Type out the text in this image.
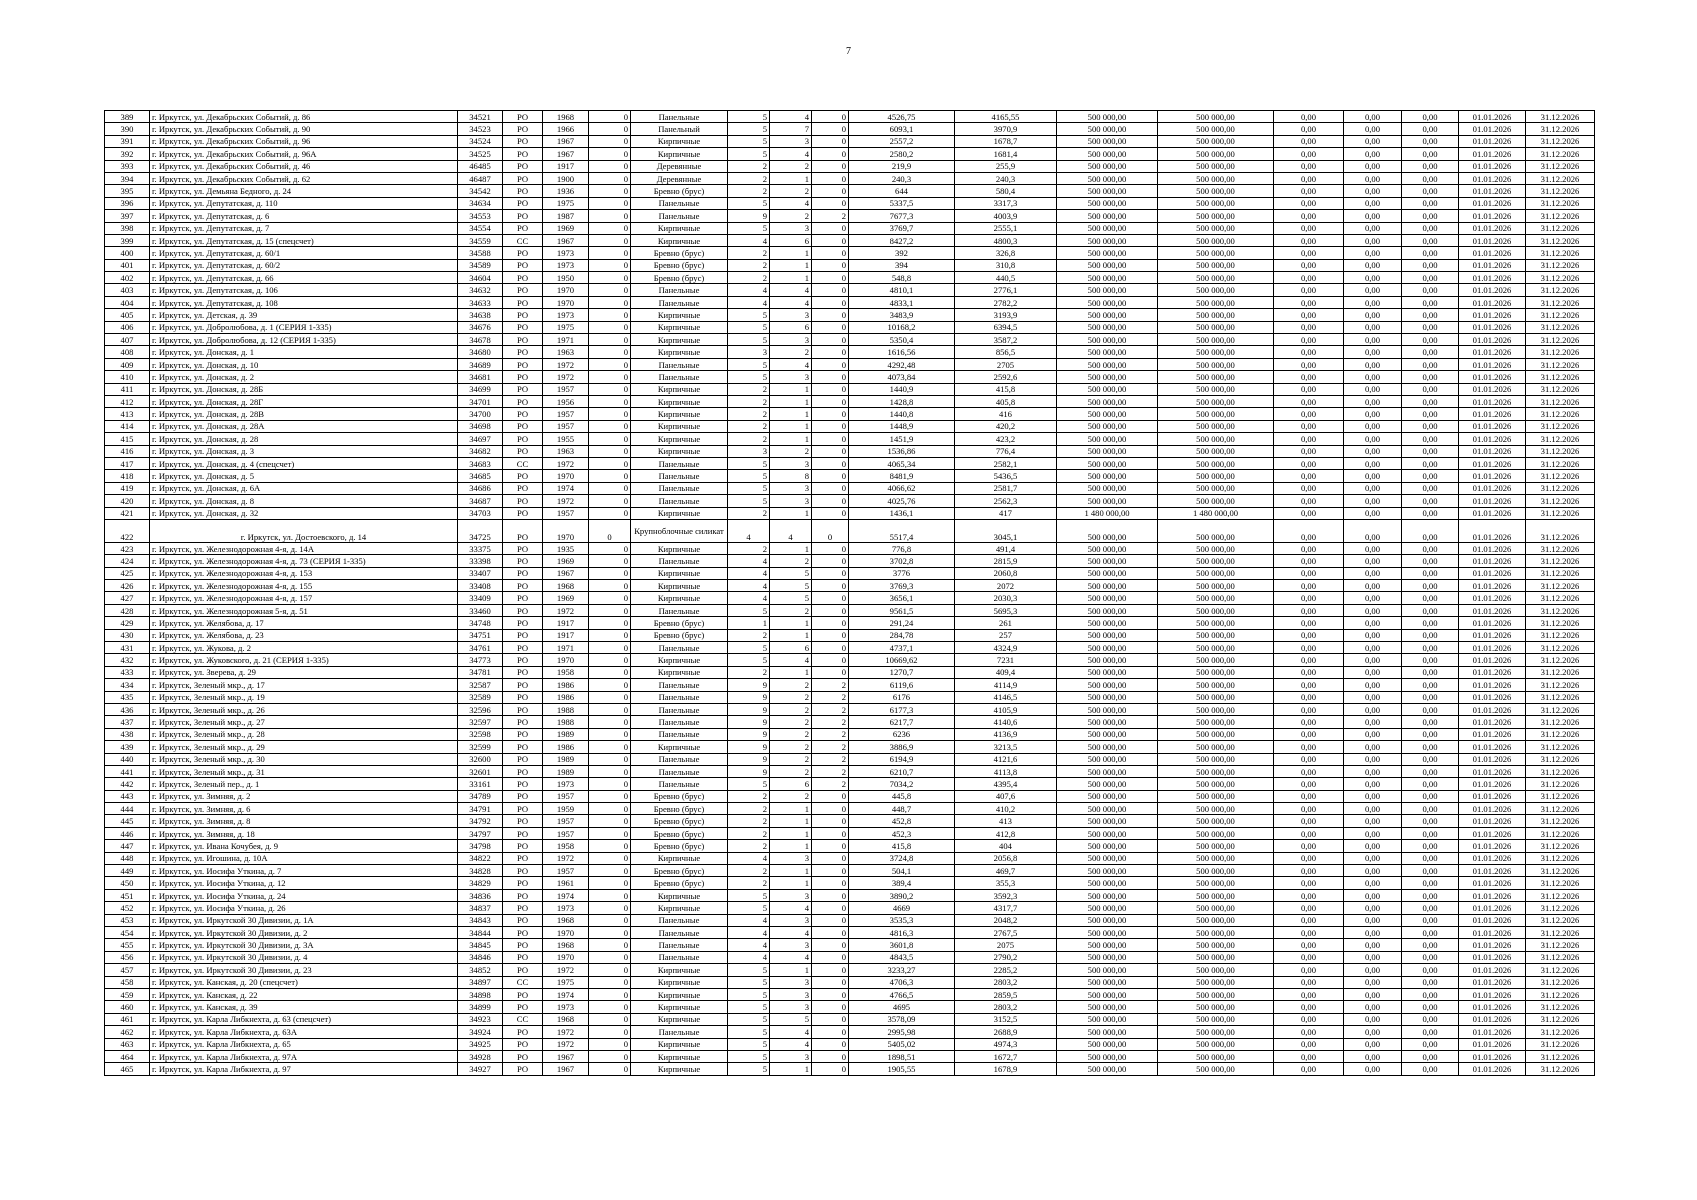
7
389	г. Иркутск, ул. Декабрьских Событий, д. 86	34521	РО	1968	0	Панельные	5	4	0	4526,75	4165,55	500 000,00	500 000,00	0,00	0,00	0,00	01.01.2026	31.12.2026
390	г. Иркутск, ул. Декабрьских Событий, д. 90	34523	РО	1966	0	Панельный	5	7	0	6093,1	3970,9	500 000,00	500 000,00	0,00	0,00	0,00	01.01.2026	31.12.2026
391	г. Иркутск, ул. Декабрьских Событий, д. 96	34524	РО	1967	0	Кирпичные	5	3	0	2557,2	1678,7	500 000,00	500 000,00	0,00	0,00	0,00	01.01.2026	31.12.2026
392	г. Иркутск, ул. Декабрьских Событий, д. 96А	34525	РО	1967	0	Кирпичные	5	4	0	2580,2	1681,4	500 000,00	500 000,00	0,00	0,00	0,00	01.01.2026	31.12.2026
393	г. Иркутск, ул. Декабрьских Событий, д. 46	46485	РО	1917	0	Деревянные	2	2	0	219,9	255,9	500 000,00	500 000,00	0,00	0,00	0,00	01.01.2026	31.12.2026
394	г. Иркутск, ул. Декабрьских Событий, д. 62	46487	РО	1900	0	Деревянные	2	1	0	240,3	240,3	500 000,00	500 000,00	0,00	0,00	0,00	01.01.2026	31.12.2026
395	г. Иркутск, ул. Демьяна Бедного, д. 24	34542	РО	1936	0	Бревно (брус)	2	2	0	644	580,4	500 000,00	500 000,00	0,00	0,00	0,00	01.01.2026	31.12.2026
396	г. Иркутск, ул. Депутатская, д. 110	34634	РО	1975	0	Панельные	5	4	0	5337,5	3317,3	500 000,00	500 000,00	0,00	0,00	0,00	01.01.2026	31.12.2026
397	г. Иркутск, ул. Депутатская, д. 6	34553	РО	1987	0	Панельные	9	2	2	7677,3	4003,9	500 000,00	500 000,00	0,00	0,00	0,00	01.01.2026	31.12.2026
398	г. Иркутск, ул. Депутатская, д. 7	34554	РО	1969	0	Кирпичные	5	3	0	3769,7	2555,1	500 000,00	500 000,00	0,00	0,00	0,00	01.01.2026	31.12.2026
399	г. Иркутск, ул. Депутатская, д. 15 (спецсчет)	34559	СС	1967	0	Кирпичные	4	6	0	8427,2	4800,3	500 000,00	500 000,00	0,00	0,00	0,00	01.01.2026	31.12.2026
400	г. Иркутск, ул. Депутатская, д. 60/1	34588	РО	1973	0	Бревно (брус)	2	1	0	392	326,8	500 000,00	500 000,00	0,00	0,00	0,00	01.01.2026	31.12.2026
401	г. Иркутск, ул. Депутатская, д. 60/2	34589	РО	1973	0	Бревно (брус)	2	1	0	394	310,8	500 000,00	500 000,00	0,00	0,00	0,00	01.01.2026	31.12.2026
402	г. Иркутск, ул. Депутатская, д. 66	34604	РО	1950	0	Бревно (брус)	2	1	0	548,8	440,5	500 000,00	500 000,00	0,00	0,00	0,00	01.01.2026	31.12.2026
403	г. Иркутск, ул. Депутатская, д. 106	34632	РО	1970	0	Панельные	4	4	0	4810,1	2776,1	500 000,00	500 000,00	0,00	0,00	0,00	01.01.2026	31.12.2026
404	г. Иркутск, ул. Депутатская, д. 108	34633	РО	1970	0	Панельные	4	4	0	4833,1	2782,2	500 000,00	500 000,00	0,00	0,00	0,00	01.01.2026	31.12.2026
405	г. Иркутск, ул. Детская, д. 39	34638	РО	1973	0	Кирпичные	5	3	0	3483,9	3193,9	500 000,00	500 000,00	0,00	0,00	0,00	01.01.2026	31.12.2026
406	г. Иркутск, ул. Добролюбова, д. 1 (СЕРИЯ 1-335)	34676	РО	1975	0	Кирпичные	5	6	0	10168,2	6394,5	500 000,00	500 000,00	0,00	0,00	0,00	01.01.2026	31.12.2026
407	г. Иркутск, ул. Добролюбова, д. 12 (СЕРИЯ 1-335)	34678	РО	1971	0	Кирпичные	5	3	0	5350,4	3587,2	500 000,00	500 000,00	0,00	0,00	0,00	01.01.2026	31.12.2026
408	г. Иркутск, ул. Донская, д. 1	34680	РО	1963	0	Кирпичные	3	2	0	1616,56	856,5	500 000,00	500 000,00	0,00	0,00	0,00	01.01.2026	31.12.2026
409	г. Иркутск, ул. Донская, д. 10	34689	РО	1972	0	Панельные	5	4	0	4292,48	2705	500 000,00	500 000,00	0,00	0,00	0,00	01.01.2026	31.12.2026
410	г. Иркутск, ул. Донская, д. 2	34681	РО	1972	0	Панельные	5	3	0	4073,84	2592,6	500 000,00	500 000,00	0,00	0,00	0,00	01.01.2026	31.12.2026
411	г. Иркутск, ул. Донская, д. 28Б	34699	РО	1957	0	Кирпичные	2	1	0	1440,9	415,8	500 000,00	500 000,00	0,00	0,00	0,00	01.01.2026	31.12.2026
412	г. Иркутск, ул. Донская, д. 28Г	34701	РО	1956	0	Кирпичные	2	1	0	1428,8	405,8	500 000,00	500 000,00	0,00	0,00	0,00	01.01.2026	31.12.2026
413	г. Иркутск, ул. Донская, д. 28В	34700	РО	1957	0	Кирпичные	2	1	0	1440,8	416	500 000,00	500 000,00	0,00	0,00	0,00	01.01.2026	31.12.2026
414	г. Иркутск, ул. Донская, д. 28А	34698	РО	1957	0	Кирпичные	2	1	0	1448,9	420,2	500 000,00	500 000,00	0,00	0,00	0,00	01.01.2026	31.12.2026
415	г. Иркутск, ул. Донская, д. 28	34697	РО	1955	0	Кирпичные	2	1	0	1451,9	423,2	500 000,00	500 000,00	0,00	0,00	0,00	01.01.2026	31.12.2026
416	г. Иркутск, ул. Донская, д. 3	34682	РО	1963	0	Кирпичные	3	2	0	1536,86	776,4	500 000,00	500 000,00	0,00	0,00	0,00	01.01.2026	31.12.2026
417	г. Иркутск, ул. Донская, д. 4 (спецсчет)	34683	СС	1972	0	Панельные	5	3	0	4065,34	2582,1	500 000,00	500 000,00	0,00	0,00	0,00	01.01.2026	31.12.2026
418	г. Иркутск, ул. Донская, д. 5	34685	РО	1970	0	Панельные	5	8	0	8481,9	5436,5	500 000,00	500 000,00	0,00	0,00	0,00	01.01.2026	31.12.2026
419	г. Иркутск, ул. Донская, д. 6А	34686	РО	1974	0	Панельные	5	3	0	4066,62	2581,7	500 000,00	500 000,00	0,00	0,00	0,00	01.01.2026	31.12.2026
420	г. Иркутск, ул. Донская, д. 8	34687	РО	1972	0	Панельные	5	3	0	4025,76	2562,3	500 000,00	500 000,00	0,00	0,00	0,00	01.01.2026	31.12.2026
421	г. Иркутск, ул. Донская, д. 32	34703	РО	1957	0	Кирпичные	2	1	0	1436,1	417	1 480 000,00	1 480 000,00	0,00	0,00	0,00	01.01.2026	31.12.2026
422	г. Иркутск, ул. Достоевского, д. 14	34725	РО	1970	0	Крупноблочные силикат	4	4	0	5517,4	3045,1	500 000,00	500 000,00	0,00	0,00	0,00	01.01.2026	31.12.2026
423	г. Иркутск, ул. Железнодорожная 4-я, д. 14А	33375	РО	1935	0	Кирпичные	2	1	0	776,8	491,4	500 000,00	500 000,00	0,00	0,00	0,00	01.01.2026	31.12.2026
424	г. Иркутск, ул. Железнодорожная 4-я, д. 73 (СЕРИЯ 1-335)	33398	РО	1969	0	Панельные	4	2	0	3702,8	2815,9	500 000,00	500 000,00	0,00	0,00	0,00	01.01.2026	31.12.2026
425	г. Иркутск, ул. Железнодорожная 4-я, д. 153	33407	РО	1967	0	Кирпичные	4	5	0	3776	2060,8	500 000,00	500 000,00	0,00	0,00	0,00	01.01.2026	31.12.2026
426	г. Иркутск, ул. Железнодорожная 4-я, д. 155	33408	РО	1968	0	Кирпичные	4	5	0	3769,3	2072	500 000,00	500 000,00	0,00	0,00	0,00	01.01.2026	31.12.2026
427	г. Иркутск, ул. Железнодорожная 4-я, д. 157	33409	РО	1969	0	Кирпичные	4	5	0	3656,1	2030,3	500 000,00	500 000,00	0,00	0,00	0,00	01.01.2026	31.12.2026
428	г. Иркутск, ул. Железнодорожная 5-я, д. 51	33460	РО	1972	0	Панельные	5	2	0	9561,5	5695,3	500 000,00	500 000,00	0,00	0,00	0,00	01.01.2026	31.12.2026
429	г. Иркутск, ул. Желябова, д. 17	34748	РО	1917	0	Бревно (брус)	1	1	0	291,24	261	500 000,00	500 000,00	0,00	0,00	0,00	01.01.2026	31.12.2026
430	г. Иркутск, ул. Желябова, д. 23	34751	РО	1917	0	Бревно (брус)	2	1	0	284,78	257	500 000,00	500 000,00	0,00	0,00	0,00	01.01.2026	31.12.2026
431	г. Иркутск, ул. Жукова, д. 2	34761	РО	1971	0	Панельные	5	6	0	4737,1	4324,9	500 000,00	500 000,00	0,00	0,00	0,00	01.01.2026	31.12.2026
432	г. Иркутск, ул. Жуковского, д. 21 (СЕРИЯ 1-335)	34773	РО	1970	0	Кирпичные	5	4	0	10669,62	7231	500 000,00	500 000,00	0,00	0,00	0,00	01.01.2026	31.12.2026
433	г. Иркутск, ул. Зверева, д. 29	34781	РО	1958	0	Кирпичные	2	1	0	1270,7	409,4	500 000,00	500 000,00	0,00	0,00	0,00	01.01.2026	31.12.2026
434	г. Иркутск, Зеленый мкр., д. 17	32587	РО	1986	0	Панельные	9	2	2	6119,6	4114,9	500 000,00	500 000,00	0,00	0,00	0,00	01.01.2026	31.12.2026
435	г. Иркутск, Зеленый мкр., д. 19	32589	РО	1986	0	Панельные	9	2	2	6176	4146,5	500 000,00	500 000,00	0,00	0,00	0,00	01.01.2026	31.12.2026
436	г. Иркутск, Зеленый мкр., д. 26	32596	РО	1988	0	Панельные	9	2	2	6177,3	4105,9	500 000,00	500 000,00	0,00	0,00	0,00	01.01.2026	31.12.2026
437	г. Иркутск, Зеленый мкр., д. 27	32597	РО	1988	0	Панельные	9	2	2	6217,7	4140,6	500 000,00	500 000,00	0,00	0,00	0,00	01.01.2026	31.12.2026
438	г. Иркутск, Зеленый мкр., д. 28	32598	РО	1989	0	Панельные	9	2	2	6236	4136,9	500 000,00	500 000,00	0,00	0,00	0,00	01.01.2026	31.12.2026
439	г. Иркутск, Зеленый мкр., д. 29	32599	РО	1986	0	Кирпичные	9	2	2	3886,9	3213,5	500 000,00	500 000,00	0,00	0,00	0,00	01.01.2026	31.12.2026
440	г. Иркутск, Зеленый мкр., д. 30	32600	РО	1989	0	Панельные	9	2	2	6194,9	4121,6	500 000,00	500 000,00	0,00	0,00	0,00	01.01.2026	31.12.2026
441	г. Иркутск, Зеленый мкр., д. 31	32601	РО	1989	0	Панельные	9	2	2	6210,7	4113,8	500 000,00	500 000,00	0,00	0,00	0,00	01.01.2026	31.12.2026
442	г. Иркутск, Зеленый пер., д. 1	33161	РО	1973	0	Панельные	5	6	2	7034,2	4395,4	500 000,00	500 000,00	0,00	0,00	0,00	01.01.2026	31.12.2026
443	г. Иркутск, ул. Зимняя, д. 2	34789	РО	1957	0	Бревно (брус)	2	2	0	445,8	407,6	500 000,00	500 000,00	0,00	0,00	0,00	01.01.2026	31.12.2026
444	г. Иркутск, ул. Зимняя, д. 6	34791	РО	1959	0	Бревно (брус)	2	1	0	448,7	410,2	500 000,00	500 000,00	0,00	0,00	0,00	01.01.2026	31.12.2026
445	г. Иркутск, ул. Зимняя, д. 8	34792	РО	1957	0	Бревно (брус)	2	1	0	452,8	413	500 000,00	500 000,00	0,00	0,00	0,00	01.01.2026	31.12.2026
446	г. Иркутск, ул. Зимняя, д. 18	34797	РО	1957	0	Бревно (брус)	2	1	0	452,3	412,8	500 000,00	500 000,00	0,00	0,00	0,00	01.01.2026	31.12.2026
447	г. Иркутск, ул. Ивана Кочубея, д. 9	34798	РО	1958	0	Бревно (брус)	2	1	0	415,8	404	500 000,00	500 000,00	0,00	0,00	0,00	01.01.2026	31.12.2026
448	г. Иркутск, ул. Игошина, д. 10А	34822	РО	1972	0	Кирпичные	4	3	0	3724,8	2056,8	500 000,00	500 000,00	0,00	0,00	0,00	01.01.2026	31.12.2026
449	г. Иркутск, ул. Иосифа Уткина, д. 7	34828	РО	1957	0	Бревно (брус)	2	1	0	504,1	469,7	500 000,00	500 000,00	0,00	0,00	0,00	01.01.2026	31.12.2026
450	г. Иркутск, ул. Иосифа Уткина, д. 12	34829	РО	1961	0	Бревно (брус)	2	1	0	389,4	355,3	500 000,00	500 000,00	0,00	0,00	0,00	01.01.2026	31.12.2026
451	г. Иркутск, ул. Иосифа Уткина, д. 24	34836	РО	1974	0	Кирпичные	5	3	0	3890,2	3592,3	500 000,00	500 000,00	0,00	0,00	0,00	01.01.2026	31.12.2026
452	г. Иркутск, ул. Иосифа Уткина, д. 26	34837	РО	1973	0	Кирпичные	5	4	0	4669	4317,7	500 000,00	500 000,00	0,00	0,00	0,00	01.01.2026	31.12.2026
453	г. Иркутск, ул. Иркутской 30 Дивизии, д. 1А	34843	РО	1968	0	Панельные	4	3	0	3535,3	2048,2	500 000,00	500 000,00	0,00	0,00	0,00	01.01.2026	31.12.2026
454	г. Иркутск, ул. Иркутской 30 Дивизии, д. 2	34844	РО	1970	0	Панельные	4	4	0	4816,3	2767,5	500 000,00	500 000,00	0,00	0,00	0,00	01.01.2026	31.12.2026
455	г. Иркутск, ул. Иркутской 30 Дивизии, д. 3А	34845	РО	1968	0	Панельные	4	3	0	3601,8	2075	500 000,00	500 000,00	0,00	0,00	0,00	01.01.2026	31.12.2026
456	г. Иркутск, ул. Иркутской 30 Дивизии, д. 4	34846	РО	1970	0	Панельные	4	4	0	4843,5	2790,2	500 000,00	500 000,00	0,00	0,00	0,00	01.01.2026	31.12.2026
457	г. Иркутск, ул. Иркутской 30 Дивизии, д. 23	34852	РО	1972	0	Кирпичные	5	1	0	3233,27	2285,2	500 000,00	500 000,00	0,00	0,00	0,00	01.01.2026	31.12.2026
458	г. Иркутск, ул. Канская, д. 20 (спецсчет)	34897	СС	1975	0	Кирпичные	5	3	0	4706,3	2803,2	500 000,00	500 000,00	0,00	0,00	0,00	01.01.2026	31.12.2026
459	г. Иркутск, ул. Канская, д. 22	34898	РО	1974	0	Кирпичные	5	3	0	4766,5	2859,5	500 000,00	500 000,00	0,00	0,00	0,00	01.01.2026	31.12.2026
460	г. Иркутск, ул. Канская, д. 39	34899	РО	1973	0	Кирпичные	5	3	0	4695	2803,2	500 000,00	500 000,00	0,00	0,00	0,00	01.01.2026	31.12.2026
461	г. Иркутск, ул. Карла Либкнехта, д. 63 (спецсчет)	34923	СС	1968	0	Кирпичные	5	5	0	3578,09	3152,5	500 000,00	500 000,00	0,00	0,00	0,00	01.01.2026	31.12.2026
462	г. Иркутск, ул. Карла Либкнехта, д. 63А	34924	РО	1972	0	Панельные	5	4	0	2995,98	2688,9	500 000,00	500 000,00	0,00	0,00	0,00	01.01.2026	31.12.2026
463	г. Иркутск, ул. Карла Либкнехта, д. 65	34925	РО	1972	0	Кирпичные	5	4	0	5405,02	4974,3	500 000,00	500 000,00	0,00	0,00	0,00	01.01.2026	31.12.2026
464	г. Иркутск, ул. Карла Либкнехта, д. 97А	34928	РО	1967	0	Кирпичные	5	3	0	1898,51	1672,7	500 000,00	500 000,00	0,00	0,00	0,00	01.01.2026	31.12.2026
465	г. Иркутск, ул. Карла Либкнехта, д. 97	34927	РО	1967	0	Кирпичные	5	1	0	1905,55	1678,9	500 000,00	500 000,00	0,00	0,00	0,00	01.01.2026	31.12.2026
